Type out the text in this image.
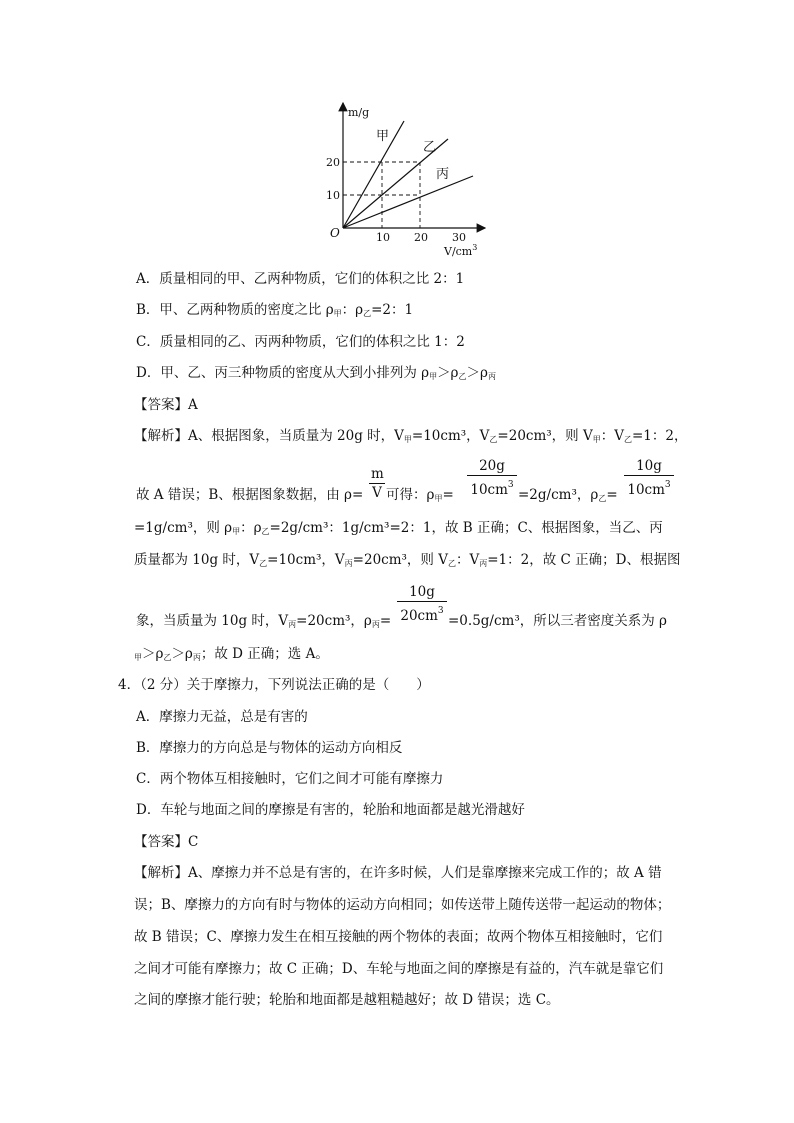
m/g
甲
乙
丙
20
10
O	10 20 30
$V/cm^3$
A．质量相同的甲、乙两种物质，它们的体积之比 2：1
B．甲、乙两种物质的密度之比 $\rho_甲$：$\rho_乙=2$：1
C．质量相同的乙、丙两种物质，它们的体积之比 1：2
D．甲、乙、丙三种物质的密度从大到小排列为 $\rho_甲>\rho_乙>\rho_丙$
【答案】A
【解析】A、根据图象，当质量为 20g 时，$V_甲=10cm^3$，$V_乙=20cm^3$，则 $V_甲$：$V_乙=1$：2，
故 A 错误；B、根据图象数据，由 $\rho= \frac{m}{V}$ 可得：$\rho_甲= \frac{20g}{10cm^3} =2g/cm^3$，$\rho_乙= \frac{10g}{10cm^3}$
=1g/cm³，则 $\rho_甲$：$\rho_乙=2g$/cm³：1g/cm³=2：1，故 B 正确；C、根据图象，当乙、丙
质量都为 10g 时，$V_乙=10cm^3$，$V_丙=20cm^3$，则 $V_乙$：$V_丙=1$：2，故 C 正确；D、根据图
象，当质量为 10g 时，$V_丙=20cm^3$，$\rho_丙= \frac{10g}{20cm^3} =0.5g/cm^3$，所以三者密度关系为 ρ
$_甲>\rho_乙>\rho_丙$；故 D 正确；选 A。
4．（2 分）关于摩擦力，下列说法正确的是（　　）
A．摩擦力无益，总是有害的
B．摩擦力的方向总是与物体的运动方向相反
C．两个物体互相接触时，它们之间才可能有摩擦力
D．车轮与地面之间的摩擦是有害的，轮胎和地面都是越光滑越好
【答案】C
【解析】A、摩擦力并不总是有害的，在许多时候，人们是靠摩擦来完成工作的；故 A 错
误；B、摩擦力的方向有时与物体的运动方向相同；如传送带上随传送带一起运动的物体；
故 B 错误；C、摩擦力发生在相互接触的两个物体的表面；故两个物体互相接触时，它们
之间才可能有摩擦力；故 C 正确；D、车轮与地面之间的摩擦是有益的，汽车就是靠它们
之间的摩擦才能行驶；轮胎和地面都是越粗糙越好；故 D 错误；选 C。
